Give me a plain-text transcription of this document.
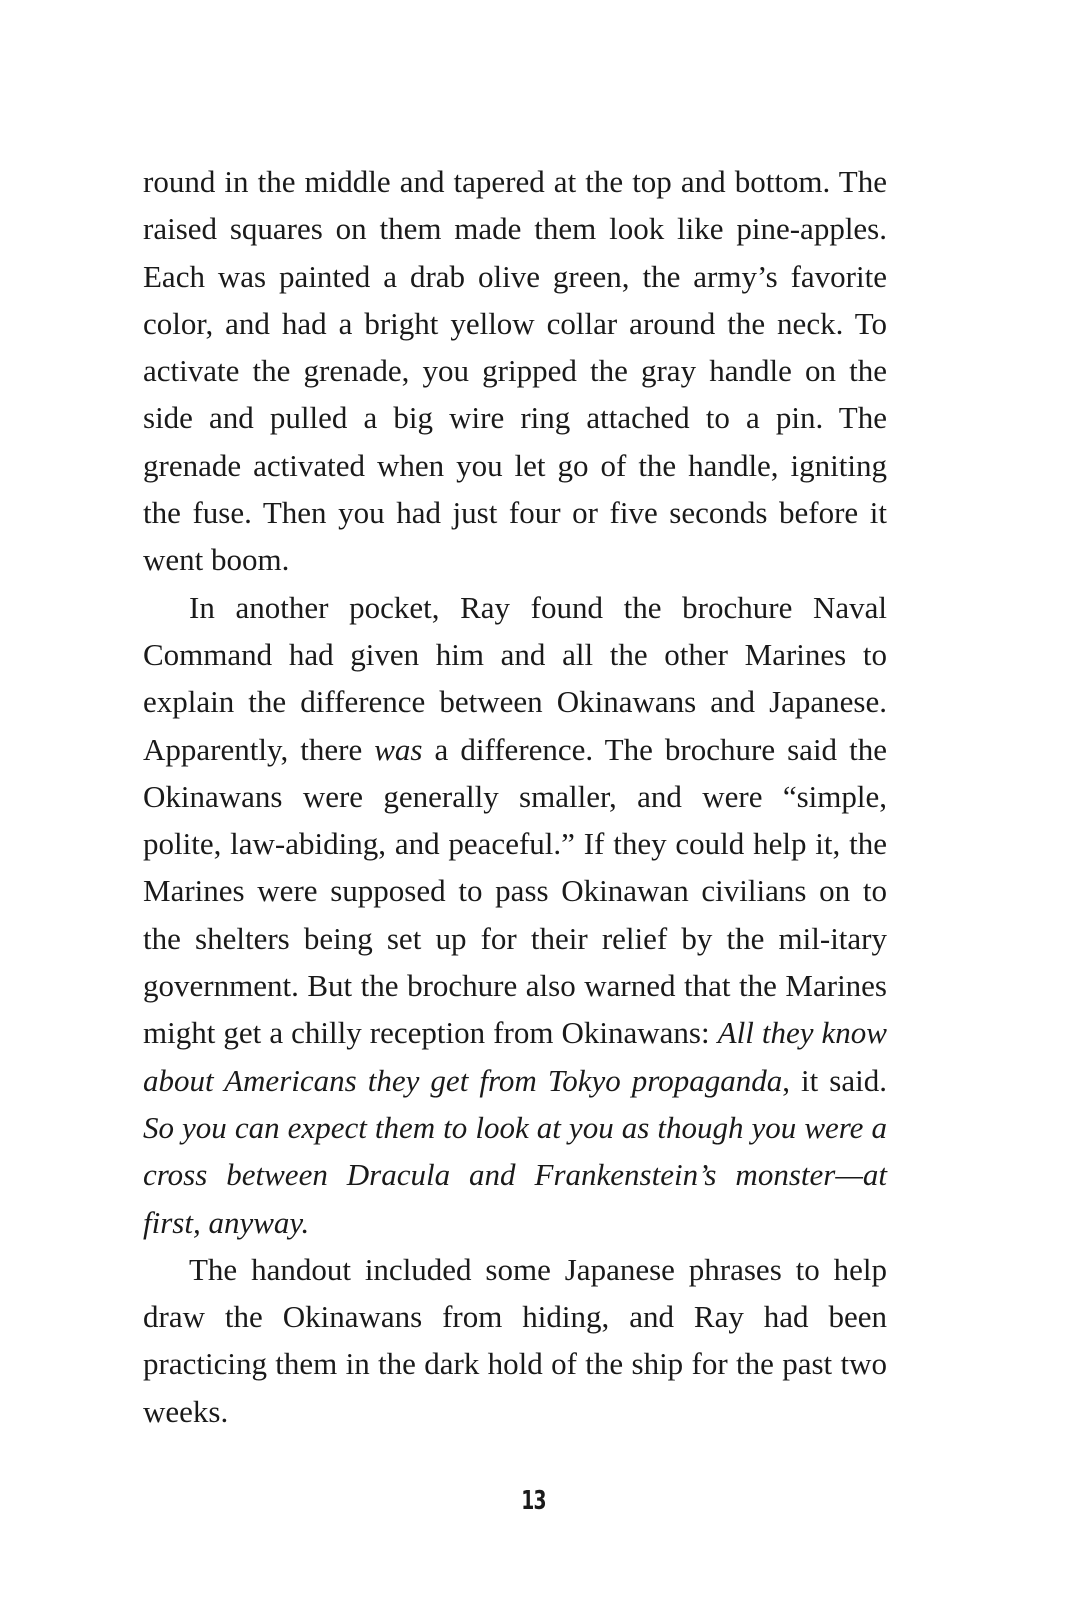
round in the middle and tapered at the top and bottom. The raised squares on them made them look like pine-apples. Each was painted a drab olive green, the army’s favorite color, and had a bright yellow collar around the neck. To activate the grenade, you gripped the gray handle on the side and pulled a big wire ring attached to a pin. The grenade activated when you let go of the handle, igniting the fuse. Then you had just four or five seconds before it went boom.

In another pocket, Ray found the brochure Naval Command had given him and all the other Marines to explain the difference between Okinawans and Japanese. Apparently, there was a difference. The brochure said the Okinawans were generally smaller, and were “simple, polite, law-abiding, and peaceful.” If they could help it, the Marines were supposed to pass Okinawan civilians on to the shelters being set up for their relief by the mil-itary government. But the brochure also warned that the Marines might get a chilly reception from Okinawans: All they know about Americans they get from Tokyo propaganda, it said. So you can expect them to look at you as though you were a cross between Dracula and Frankenstein’s monster—at first, anyway.

The handout included some Japanese phrases to help draw the Okinawans from hiding, and Ray had been practicing them in the dark hold of the ship for the past two weeks.

13
